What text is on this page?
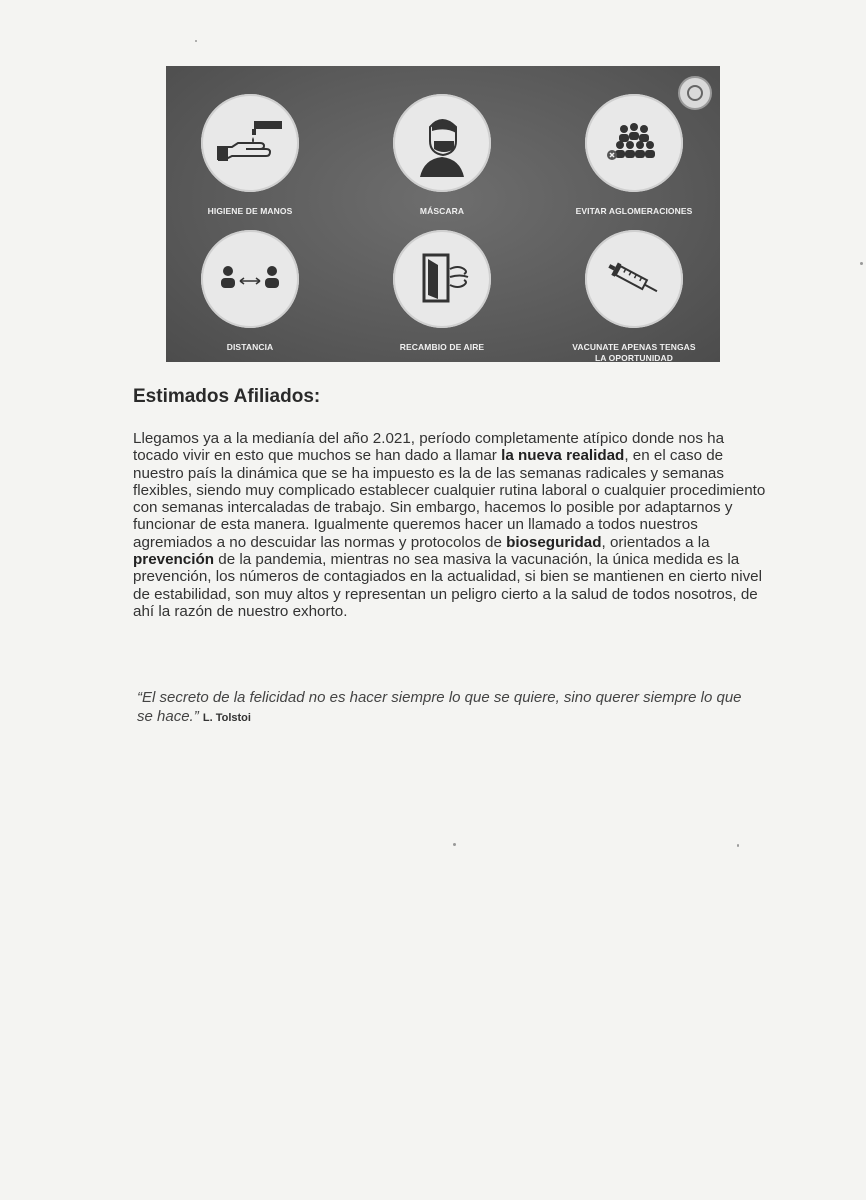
HIGIENE DE MANOS	MÁSCARA	EVITAR AGLOMERACIONES
DISTANCIA	RECAMBIO DE AIRE	VACUNATE APENAS TENGAS
LA OPORTUNIDAD
Estimados Afiliados:

Llegamos ya a la medianía del año 2.021, período completamente atípico donde nos ha tocado vivir en esto que muchos se han dado a llamar la nueva realidad, en el caso de nuestro país la dinámica que se ha impuesto es la de las semanas radicales y semanas flexibles, siendo muy complicado establecer cualquier rutina laboral o cualquier procedimiento con semanas intercaladas de trabajo. Sin embargo, hacemos lo posible por adaptarnos y funcionar de esta manera. Igualmente queremos hacer un llamado a todos nuestros agremiados a no descuidar las normas y protocolos de bioseguridad, orientados a la prevención de la pandemia, mientras no sea masiva la vacunación, la única medida es la prevención, los números de contagiados en la actualidad, si bien se mantienen en cierto nivel de estabilidad, son muy altos y representan un peligro cierto a la salud de todos nosotros, de ahí la razón de nuestro exhorto.

“El secreto de la felicidad no es hacer siempre lo que se quiere, sino querer siempre lo que se hace.” L. Tolstoi
